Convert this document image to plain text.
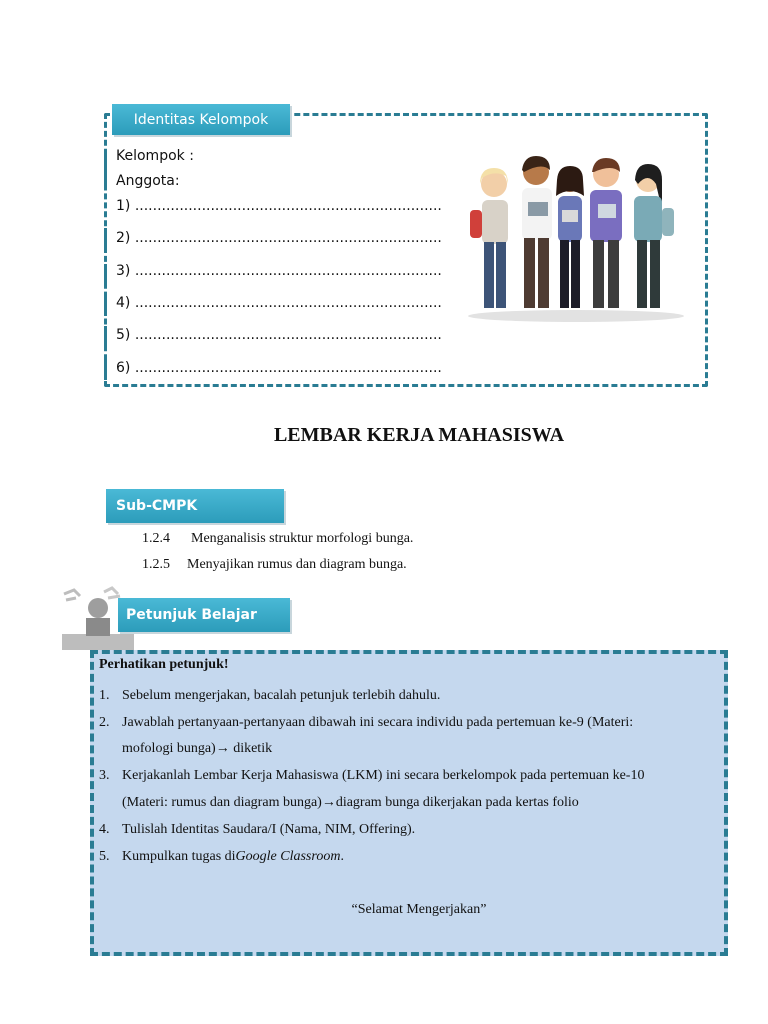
Identitas Kelompok
Kelompok :
Anggota:
1) .....................................................................
2) .....................................................................
3) .....................................................................
4) .....................................................................
5) .....................................................................
6) .....................................................................
LEMBAR KERJA MAHASISWA
Sub-CMPK
1.2.4 Menganalisis struktur morfologi bunga.
1.2.5 Menyajikan rumus dan diagram bunga.
Petunjuk Belajar
Perhatikan petunjuk!
1. Sebelum mengerjakan, bacalah petunjuk terlebih dahulu.
2. Jawablah pertanyaan-pertanyaan dibawah ini secara individu pada pertemuan ke-9 (Materi:
mofologi bunga)→ diketik
3. Kerjakanlah Lembar Kerja Mahasiswa (LKM) ini secara berkelompok pada pertemuan ke-10
(Materi: rumus dan diagram bunga)→diagram bunga dikerjakan pada kertas folio
4. Tulislah Identitas Saudara/I (Nama, NIM, Offering).
5. Kumpulkan tugas diGoogle Classroom.
“Selamat Mengerjakan”
